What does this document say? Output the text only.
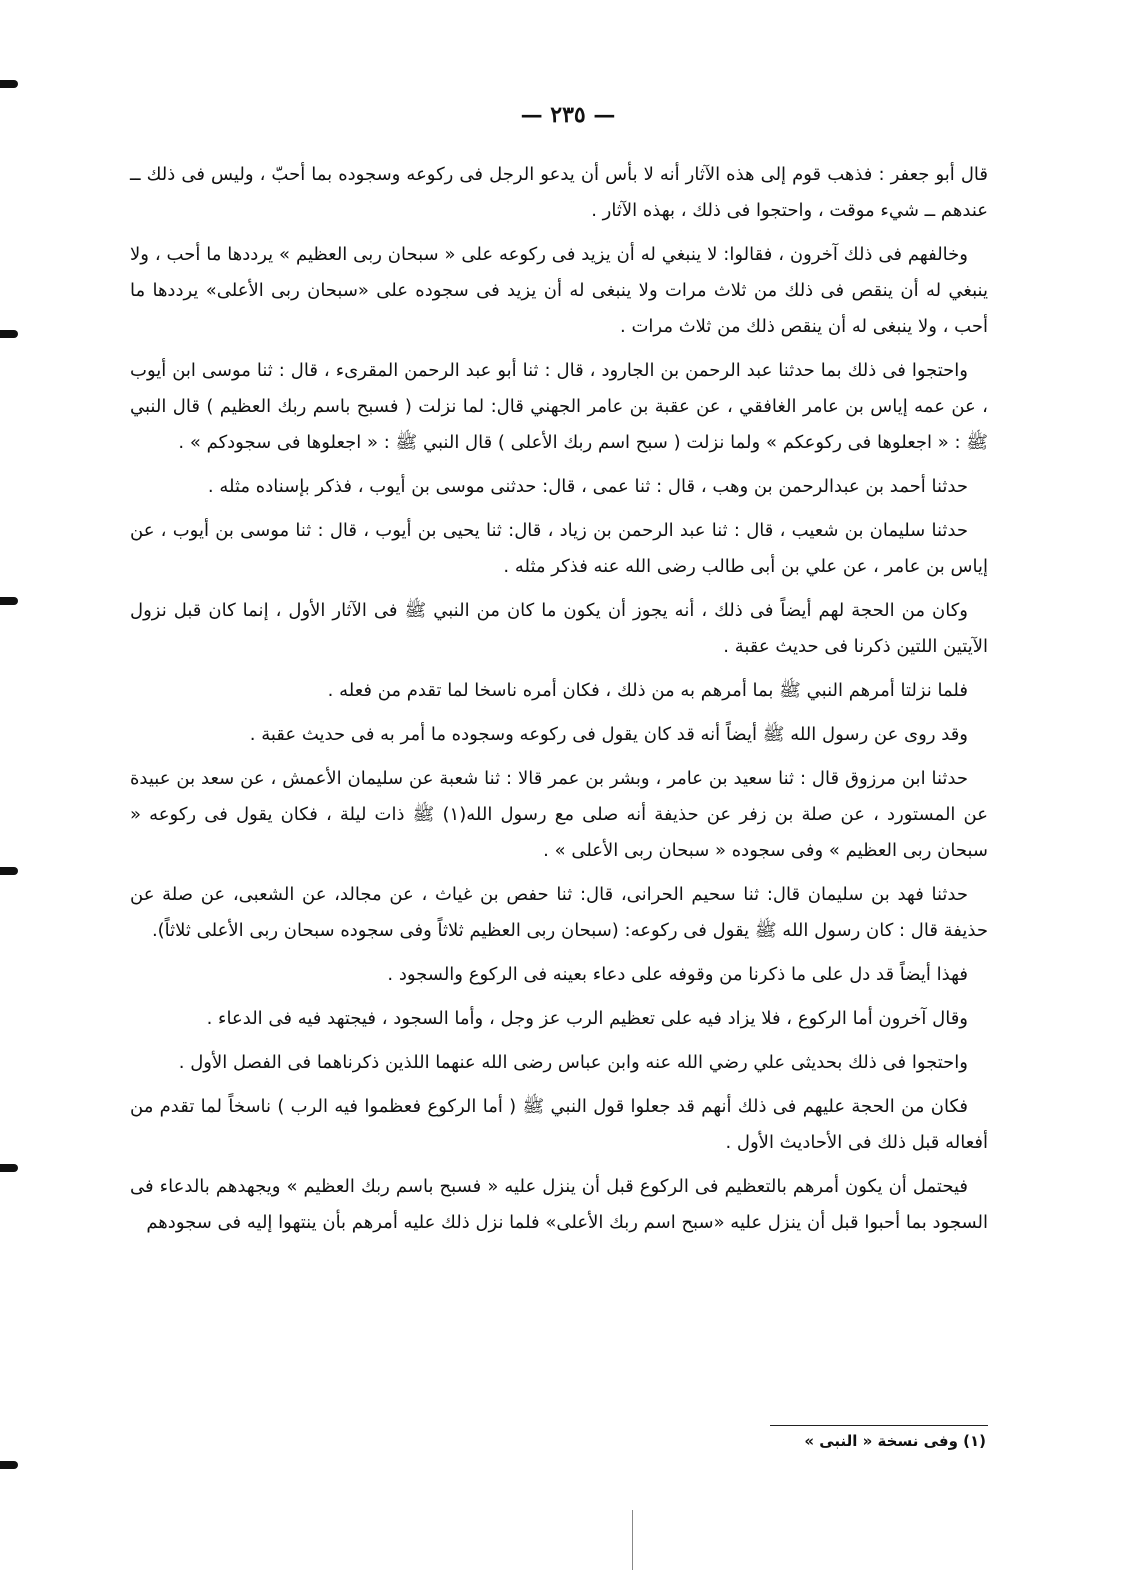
— ٢٣٥ —

قال أبو جعفر : فذهب قوم إلى هذه الآثار أنه لا بأس أن يدعو الرجل فى ركوعه وسجوده بما أحبّ ، وليس فى ذلك ــ عندهم ــ شيء موقت ، واحتجوا فى ذلك ، بهذه الآثار .

وخالفهم فى ذلك آخرون ، فقالوا: لا ينبغي له أن يزيد فى ركوعه على « سبحان ربى العظيم » يرددها ما أحب ، ولا ينبغي له أن ينقص فى ذلك من ثلاث مرات ولا ينبغى له أن يزيد فى سجوده على «سبحان ربى الأعلى» يرددها ما أحب ، ولا ينبغى له أن ينقص ذلك من ثلاث مرات .

واحتجوا فى ذلك بما حدثنا عبد الرحمن بن الجارود ، قال : ثنا أبو عبد الرحمن المقرىء ، قال : ثنا موسى ابن أيوب ، عن عمه إياس بن عامر الغافقي ، عن عقبة بن عامر الجهني قال: لما نزلت ( فسبح باسم ربك العظيم ) قال النبي ﷺ : « اجعلوها فى ركوعكم » ولما نزلت ( سبح اسم ربك الأعلى ) قال النبي ﷺ : « اجعلوها فى سجودكم » .

حدثنا أحمد بن عبدالرحمن بن وهب ، قال : ثنا عمى ، قال: حدثنى موسى بن أيوب ، فذكر بإسناده مثله .

حدثنا سليمان بن شعيب ، قال : ثنا عبد الرحمن بن زياد ، قال: ثنا يحيى بن أيوب ، قال : ثنا موسى بن أيوب ، عن إياس بن عامر ، عن علي بن أبى طالب رضى الله عنه فذكر مثله .

وكان من الحجة لهم أيضاً فى ذلك ، أنه يجوز أن يكون ما كان من النبي ﷺ فى الآثار الأول ، إنما كان قبل نزول الآيتين اللتين ذكرنا فى حديث عقبة .

فلما نزلتا أمرهم النبي ﷺ بما أمرهم به من ذلك ، فكان أمره ناسخا لما تقدم من فعله .

وقد روى عن رسول الله ﷺ أيضاً أنه قد كان يقول فى ركوعه وسجوده ما أمر به فى حديث عقبة .

حدثنا ابن مرزوق قال : ثنا سعيد بن عامر ، وبشر بن عمر قالا : ثنا شعبة عن سليمان الأعمش ، عن سعد بن عبيدة عن المستورد ، عن صلة بن زفر عن حذيفة أنه صلى مع رسول الله(١) ﷺ ذات ليلة ، فكان يقول فى ركوعه « سبحان ربى العظيم » وفى سجوده « سبحان ربى الأعلى » .

حدثنا فهد بن سليمان قال: ثنا سحيم الحرانى، قال: ثنا حفص بن غياث ، عن مجالد، عن الشعبى، عن صلة عن حذيفة قال : كان رسول الله ﷺ يقول فى ركوعه: (سبحان ربى العظيم ثلاثاً وفى سجوده سبحان ربى الأعلى ثلاثاً).

فهذا أيضاً قد دل على ما ذكرنا من وقوفه على دعاء بعينه فى الركوع والسجود .

وقال آخرون أما الركوع ، فلا يزاد فيه على تعظيم الرب عز وجل ، وأما السجود ، فيجتهد فيه فى الدعاء .

واحتجوا فى ذلك بحديثى علي رضي الله عنه وابن عباس رضى الله عنهما اللذين ذكرناهما فى الفصل الأول .

فكان من الحجة عليهم فى ذلك أنهم قد جعلوا قول النبي ﷺ ( أما الركوع فعظموا فيه الرب ) ناسخاً لما تقدم من أفعاله قبل ذلك فى الأحاديث الأول .

فيحتمل أن يكون أمرهم بالتعظيم فى الركوع قبل أن ينزل عليه « فسبح باسم ربك العظيم » ويجهدهم بالدعاء فى السجود بما أحبوا قبل أن ينزل عليه «سبح اسم ربك الأعلى» فلما نزل ذلك عليه أمرهم بأن ينتهوا إليه فى سجودهم

(١) وفى نسخة « النبى »
